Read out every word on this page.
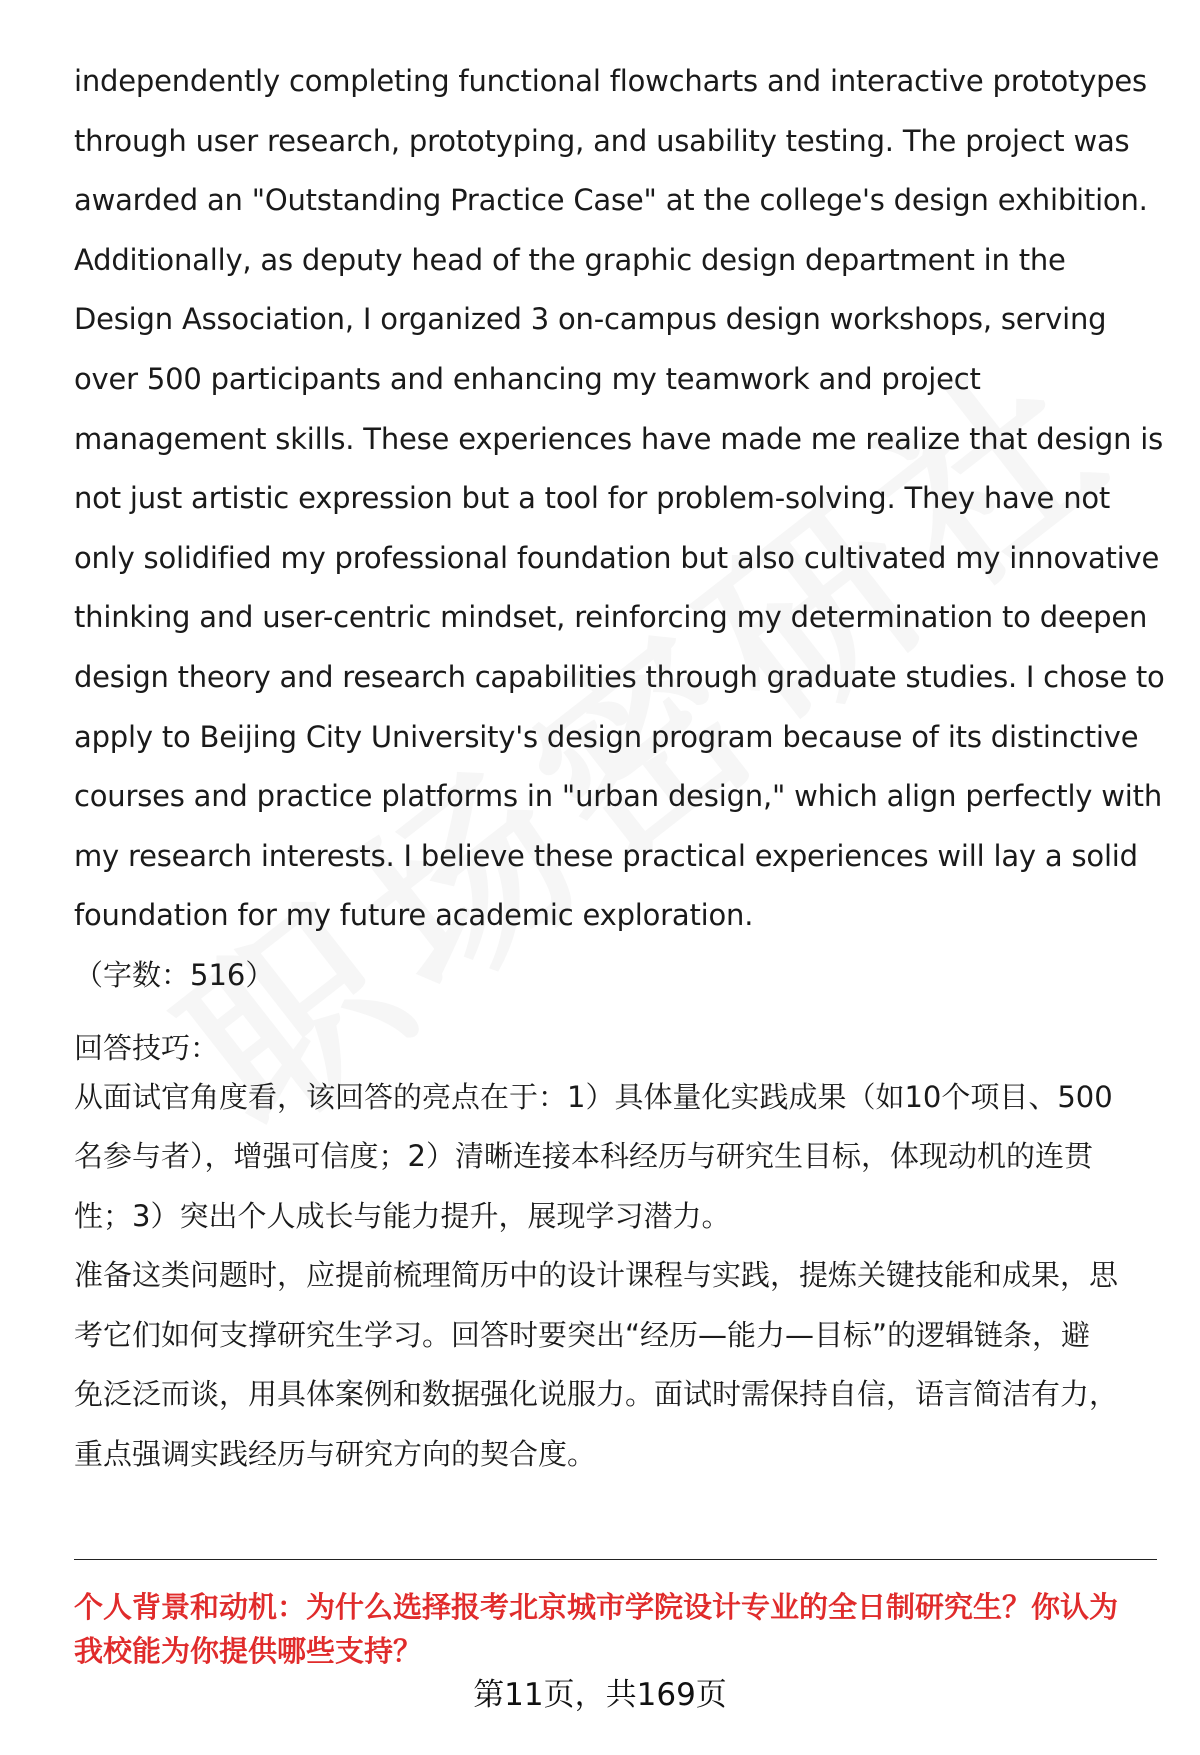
independently completing functional flowcharts and interactive prototypes
through user research, prototyping, and usability testing. The project was
awarded an "Outstanding Practice Case" at the college's design exhibition.
Additionally, as deputy head of the graphic design department in the
Design Association, I organized 3 on-campus design workshops, serving
over 500 participants and enhancing my teamwork and project
management skills. These experiences have made me realize that design is
not just artistic expression but a tool for problem-solving. They have not
only solidified my professional foundation but also cultivated my innovative
thinking and user-centric mindset, reinforcing my determination to deepen
design theory and research capabilities through graduate studies. I chose to
apply to Beijing City University's design program because of its distinctive
courses and practice platforms in "urban design," which align perfectly with
my research interests. I believe these practical experiences will lay a solid
foundation for my future academic exploration.
（字数：516）
回答技巧：
从面试官角度看，该回答的亮点在于：1）具体量化实践成果（如10个项目、500
名参与者），增强可信度；2）清晰连接本科经历与研究生目标，体现动机的连贯
性；3）突出个人成长与能力提升，展现学习潜力。
准备这类问题时，应提前梳理简历中的设计课程与实践，提炼关键技能和成果，思
考它们如何支撑研究生学习。回答时要突出“经历—能力—目标”的逻辑链条，避
免泛泛而谈，用具体案例和数据强化说服力。面试时需保持自信，语言简洁有力，
重点强调实践经历与研究方向的契合度。
个人背景和动机：为什么选择报考北京城市学院设计专业的全日制研究生？你认为
我校能为你提供哪些支持？
第11页，共169页
